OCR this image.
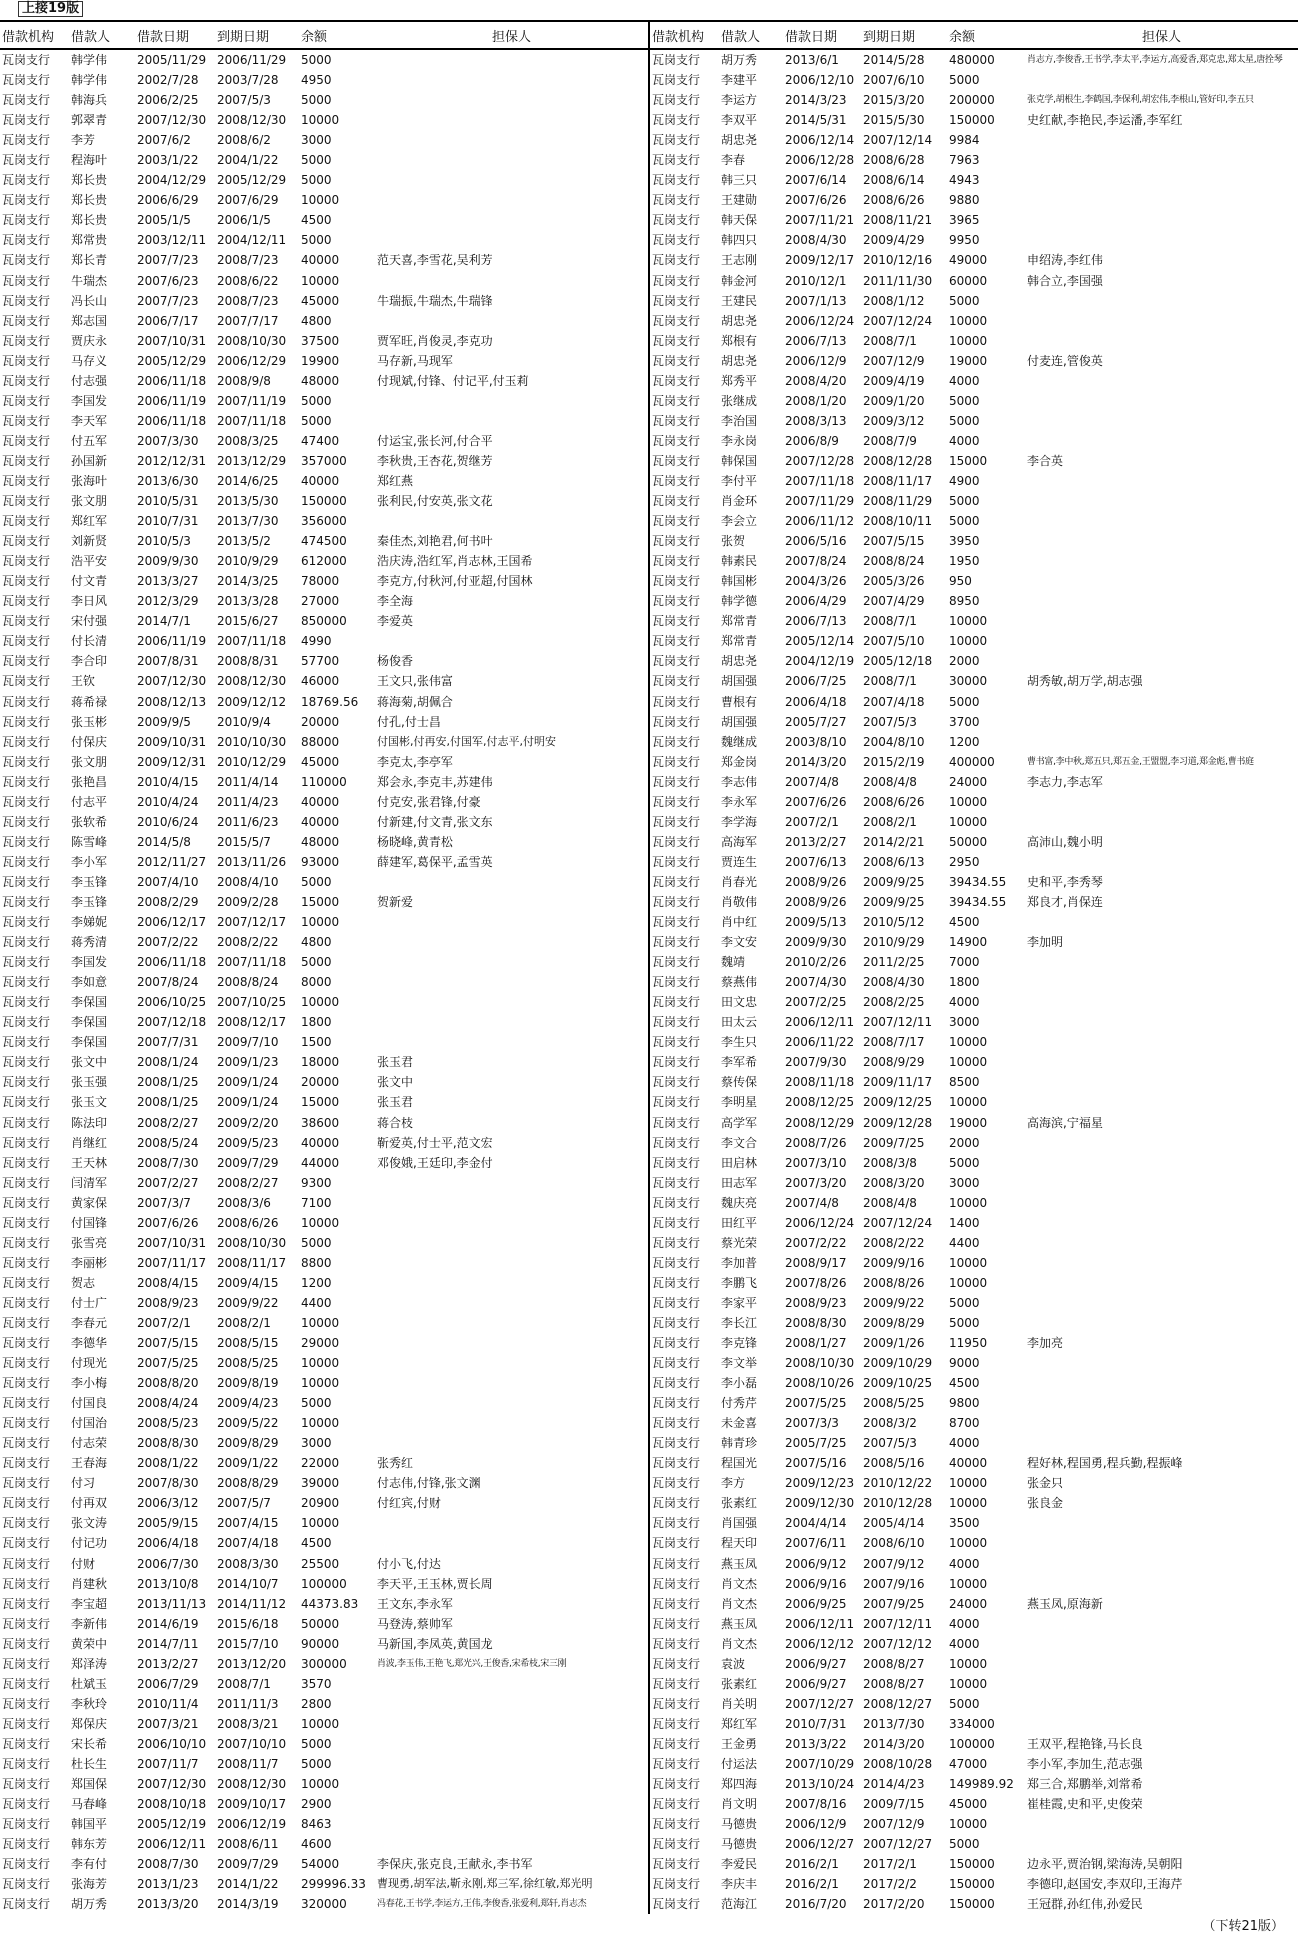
上接19版
借款机构	借款人	借款日期	到期日期	余额	担保人
瓦岗支行	韩学伟	2005/11/29	2006/11/29	5000	
瓦岗支行	韩学伟	2002/7/28	2003/7/28	4950	
瓦岗支行	韩海兵	2006/2/25	2007/5/3	5000	
瓦岗支行	郭翠青	2007/12/30	2008/12/30	10000	
瓦岗支行	李芳	2007/6/2	2008/6/2	3000	
瓦岗支行	程海叶	2003/1/22	2004/1/22	5000	
瓦岗支行	郑长贵	2004/12/29	2005/12/29	5000	
瓦岗支行	郑长贵	2006/6/29	2007/6/29	10000	
瓦岗支行	郑长贵	2005/1/5	2006/1/5	4500	
瓦岗支行	郑常贵	2003/12/11	2004/12/11	5000	
瓦岗支行	郑长青	2007/7/23	2008/7/23	40000	范天喜,李雪花,吴利芳
瓦岗支行	牛瑞杰	2007/6/23	2008/6/22	10000	
瓦岗支行	冯长山	2007/7/23	2008/7/23	45000	牛瑞振,牛瑞杰,牛瑞锋
瓦岗支行	郑志国	2006/7/17	2007/7/17	4800	
瓦岗支行	贾庆永	2007/10/31	2008/10/30	37500	贾军旺,肖俊灵,李克功
瓦岗支行	马存义	2005/12/29	2006/12/29	19900	马存新,马现军
瓦岗支行	付志强	2006/11/18	2008/9/8	48000	付现斌,付锋、付记平,付玉莉
瓦岗支行	李国发	2006/11/19	2007/11/19	5000	
瓦岗支行	李天军	2006/11/18	2007/11/18	5000	
瓦岗支行	付五军	2007/3/30	2008/3/25	47400	付运宝,张长河,付合平
瓦岗支行	孙国新	2012/12/31	2013/12/29	357000	李秋贵,王杏花,贺继芳
瓦岗支行	张海叶	2013/6/30	2014/6/25	40000	郑红燕
瓦岗支行	张文朋	2010/5/31	2013/5/30	150000	张利民,付安英,张文花
瓦岗支行	郑红军	2010/7/31	2013/7/30	356000	
瓦岗支行	刘新贤	2010/5/3	2013/5/2	474500	秦佳杰,刘艳君,何书叶
瓦岗支行	浩平安	2009/9/30	2010/9/29	612000	浩庆涛,浩红军,肖志林,王国希
瓦岗支行	付文青	2013/3/27	2014/3/25	78000	李克方,付秋河,付亚超,付国林
瓦岗支行	李日风	2012/3/29	2013/3/28	27000	李全海
瓦岗支行	宋付强	2014/7/1	2015/6/27	850000	李爱英
瓦岗支行	付长清	2006/11/19	2007/11/18	4990	
瓦岗支行	李合印	2007/8/31	2008/8/31	57700	杨俊香
瓦岗支行	王钦	2007/12/30	2008/12/30	46000	王文只,张伟富
瓦岗支行	蒋希禄	2008/12/13	2009/12/12	18769.56	蒋海菊,胡佩合
瓦岗支行	张玉彬	2009/9/5	2010/9/4	20000	付孔,付士昌
瓦岗支行	付保庆	2009/10/31	2010/10/30	88000	付国彬,付再安,付国军,付志平,付明安
瓦岗支行	张文朋	2009/12/31	2010/12/29	45000	李克太,李亭军
瓦岗支行	张艳昌	2010/4/15	2011/4/14	110000	郑会永,李克丰,苏建伟
瓦岗支行	付志平	2010/4/24	2011/4/23	40000	付克安,张君锋,付豪
瓦岗支行	张软希	2010/6/24	2011/6/23	40000	付新建,付文青,张文东
瓦岗支行	陈雪峰	2014/5/8	2015/5/7	48000	杨晓峰,黄青松
瓦岗支行	李小军	2012/11/27	2013/11/26	93000	薛建军,葛保平,孟雪英
瓦岗支行	李玉锋	2007/4/10	2008/4/10	5000	
瓦岗支行	李玉锋	2008/2/29	2009/2/28	15000	贺新爱
瓦岗支行	李娣妮	2006/12/17	2007/12/17	10000	
瓦岗支行	蒋秀清	2007/2/22	2008/2/22	4800	
瓦岗支行	李国发	2006/11/18	2007/11/18	5000	
瓦岗支行	李如意	2007/8/24	2008/8/24	8000	
瓦岗支行	李保国	2006/10/25	2007/10/25	10000	
瓦岗支行	李保国	2007/12/18	2008/12/17	1800	
瓦岗支行	李保国	2007/7/31	2009/7/10	1500	
瓦岗支行	张文中	2008/1/24	2009/1/23	18000	张玉君
瓦岗支行	张玉强	2008/1/25	2009/1/24	20000	张文中
瓦岗支行	张玉文	2008/1/25	2009/1/24	15000	张玉君
瓦岗支行	陈法印	2008/2/27	2009/2/20	38600	蒋合枝
瓦岗支行	肖继红	2008/5/24	2009/5/23	40000	靳爱英,付士平,范文宏
瓦岗支行	王天林	2008/7/30	2009/7/29	44000	邓俊娥,王廷印,李金付
瓦岗支行	闫清军	2007/2/27	2008/2/27	9300	
瓦岗支行	黄家保	2007/3/7	2008/3/6	7100	
瓦岗支行	付国锋	2007/6/26	2008/6/26	10000	
瓦岗支行	张雪亮	2007/10/31	2008/10/30	5000	
瓦岗支行	李丽彬	2007/11/17	2008/11/17	8800	
瓦岗支行	贺志	2008/4/15	2009/4/15	1200	
瓦岗支行	付士广	2008/9/23	2009/9/22	4400	
瓦岗支行	李春元	2007/2/1	2008/2/1	10000	
瓦岗支行	李德华	2007/5/15	2008/5/15	29000	
瓦岗支行	付现光	2007/5/25	2008/5/25	10000	
瓦岗支行	李小梅	2008/8/20	2009/8/19	10000	
瓦岗支行	付国良	2008/4/24	2009/4/23	5000	
瓦岗支行	付国治	2008/5/23	2009/5/22	10000	
瓦岗支行	付志荣	2008/8/30	2009/8/29	3000	
瓦岗支行	王春海	2008/1/22	2009/1/22	22000	张秀红
瓦岗支行	付习	2007/8/30	2008/8/29	39000	付志伟,付锋,张文渊
瓦岗支行	付再双	2006/3/12	2007/5/7	20900	付红宾,付财
瓦岗支行	张文涛	2005/9/15	2007/4/15	10000	
瓦岗支行	付记功	2006/4/18	2007/4/18	4500	
瓦岗支行	付财	2006/7/30	2008/3/30	25500	付小飞,付达
瓦岗支行	肖建秋	2013/10/8	2014/10/7	100000	李天平,王玉林,贾长周
瓦岗支行	李宝超	2013/11/13	2014/11/12	44373.83	王文东,李永军
瓦岗支行	李新伟	2014/6/19	2015/6/18	50000	马登涛,蔡帅军
瓦岗支行	黄荣中	2014/7/11	2015/7/10	90000	马新国,李凤英,黄国龙
瓦岗支行	郑泽涛	2013/2/27	2013/12/20	300000	肖波,李玉伟,王艳飞,郑光兴,王俊香,宋希枝,宋三刚
瓦岗支行	杜斌玉	2006/7/29	2008/7/1	3570	
瓦岗支行	李秋玲	2010/11/4	2011/11/3	2800	
瓦岗支行	郑保庆	2007/3/21	2008/3/21	10000	
瓦岗支行	宋长希	2006/10/10	2007/10/10	5000	
瓦岗支行	杜长生	2007/11/7	2008/11/7	5000	
瓦岗支行	郑国保	2007/12/30	2008/12/30	10000	
瓦岗支行	马春峰	2008/10/18	2009/10/17	2900	
瓦岗支行	韩国平	2005/12/19	2006/12/19	8463	
瓦岗支行	韩东芳	2006/12/11	2008/6/11	4600	
瓦岗支行	李有付	2008/7/30	2009/7/29	54000	李保庆,张克良,王献永,李书军
瓦岗支行	张海芳	2013/1/23	2014/1/22	299996.33	曹现勇,胡军法,靳永刚,郑三军,徐红敏,郑光明
瓦岗支行	胡万秀	2013/3/20	2014/3/19	320000	冯春花,王书学,李运方,王伟,李俊香,张爱利,郑轩,肖志杰
借款机构	借款人	借款日期	到期日期	余额	担保人
瓦岗支行	胡万秀	2013/6/1	2014/5/28	480000	肖志方,李俊香,王书学,李太平,李运方,高爱香,郑克忠,郑太星,唐拴琴
瓦岗支行	李建平	2006/12/10	2007/6/10	5000	
瓦岗支行	李运方	2014/3/23	2015/3/20	200000	张克学,胡根生,李鹤国,李保利,胡宏伟,李根山,管好印,李五只
瓦岗支行	李双平	2014/5/31	2015/5/30	150000	史红献,李艳民,李运潘,李军红
瓦岗支行	胡忠尧	2006/12/14	2007/12/14	9984	
瓦岗支行	李春	2006/12/28	2008/6/28	7963	
瓦岗支行	韩三只	2007/6/14	2008/6/14	4943	
瓦岗支行	王建勋	2007/6/26	2008/6/26	9880	
瓦岗支行	韩天保	2007/11/21	2008/11/21	3965	
瓦岗支行	韩四只	2008/4/30	2009/4/29	9950	
瓦岗支行	王志刚	2009/12/17	2010/12/16	49000	申绍涛,李红伟
瓦岗支行	韩金河	2010/12/1	2011/11/30	60000	韩合立,李国强
瓦岗支行	王建民	2007/1/13	2008/1/12	5000	
瓦岗支行	胡忠尧	2006/12/24	2007/12/24	10000	
瓦岗支行	郑根有	2006/7/13	2008/7/1	10000	
瓦岗支行	胡忠尧	2006/12/9	2007/12/9	19000	付麦连,管俊英
瓦岗支行	郑秀平	2008/4/20	2009/4/19	4000	
瓦岗支行	张继成	2008/1/20	2009/1/20	5000	
瓦岗支行	李治国	2008/3/13	2009/3/12	5000	
瓦岗支行	李永岗	2006/8/9	2008/7/9	4000	
瓦岗支行	韩保国	2007/12/28	2008/12/28	15000	李合英
瓦岗支行	李付平	2007/11/18	2008/11/17	4900	
瓦岗支行	肖金环	2007/11/29	2008/11/29	5000	
瓦岗支行	李会立	2006/11/12	2008/10/11	5000	
瓦岗支行	张贺	2006/5/16	2007/5/15	3950	
瓦岗支行	韩素民	2007/8/24	2008/8/24	1950	
瓦岗支行	韩国彬	2004/3/26	2005/3/26	950	
瓦岗支行	韩学德	2006/4/29	2007/4/29	8950	
瓦岗支行	郑常青	2006/7/13	2008/7/1	10000	
瓦岗支行	郑常青	2005/12/14	2007/5/10	10000	
瓦岗支行	胡忠尧	2004/12/19	2005/12/18	2000	
瓦岗支行	胡国强	2006/7/25	2008/7/1	30000	胡秀敏,胡万学,胡志强
瓦岗支行	曹根有	2006/4/18	2007/4/18	5000	
瓦岗支行	胡国强	2005/7/27	2007/5/3	3700	
瓦岗支行	魏继成	2003/8/10	2004/8/10	1200	
瓦岗支行	郑金岗	2014/3/20	2015/2/19	400000	曹书富,李中秋,郑五只,郑五金,王盟盟,李习道,郑金彪,曹书庭
瓦岗支行	李志伟	2007/4/8	2008/4/8	24000	李志力,李志军
瓦岗支行	李永军	2007/6/26	2008/6/26	10000	
瓦岗支行	李学海	2007/2/1	2008/2/1	10000	
瓦岗支行	高海军	2013/2/27	2014/2/21	50000	高沛山,魏小明
瓦岗支行	贾连生	2007/6/13	2008/6/13	2950	
瓦岗支行	肖春光	2008/9/26	2009/9/25	39434.55	史和平,李秀琴
瓦岗支行	肖敬伟	2008/9/26	2009/9/25	39434.55	郑良才,肖保连
瓦岗支行	肖中红	2009/5/13	2010/5/12	4500	
瓦岗支行	李文安	2009/9/30	2010/9/29	14900	李加明
瓦岗支行	魏靖	2010/2/26	2011/2/25	7000	
瓦岗支行	蔡燕伟	2007/4/30	2008/4/30	1800	
瓦岗支行	田文忠	2007/2/25	2008/2/25	4000	
瓦岗支行	田太云	2006/12/11	2007/12/11	3000	
瓦岗支行	李生只	2006/11/22	2008/7/17	10000	
瓦岗支行	李军希	2007/9/30	2008/9/29	10000	
瓦岗支行	蔡传保	2008/11/18	2009/11/17	8500	
瓦岗支行	李明星	2008/12/25	2009/12/25	10000	
瓦岗支行	高学军	2008/12/29	2009/12/28	19000	高海滨,宁福星
瓦岗支行	李文合	2008/7/26	2009/7/25	2000	
瓦岗支行	田启林	2007/3/10	2008/3/8	5000	
瓦岗支行	田志军	2007/3/20	2008/3/20	3000	
瓦岗支行	魏庆亮	2007/4/8	2008/4/8	10000	
瓦岗支行	田红平	2006/12/24	2007/12/24	1400	
瓦岗支行	蔡光荣	2007/2/22	2008/2/22	4400	
瓦岗支行	李加普	2008/9/17	2009/9/16	10000	
瓦岗支行	李鹏飞	2007/8/26	2008/8/26	10000	
瓦岗支行	李家平	2008/9/23	2009/9/22	5000	
瓦岗支行	李长江	2008/8/30	2009/8/29	5000	
瓦岗支行	李克锋	2008/1/27	2009/1/26	11950	李加亮
瓦岗支行	李文举	2008/10/30	2009/10/29	9000	
瓦岗支行	李小磊	2008/10/26	2009/10/25	4500	
瓦岗支行	付秀芹	2007/5/25	2008/5/25	9800	
瓦岗支行	未金喜	2007/3/3	2008/3/2	8700	
瓦岗支行	韩青珍	2005/7/25	2007/5/3	4000	
瓦岗支行	程国光	2007/5/16	2008/5/16	40000	程好林,程国勇,程兵勤,程振峰
瓦岗支行	李方	2009/12/23	2010/12/22	10000	张金只
瓦岗支行	张素红	2009/12/30	2010/12/28	10000	张良金
瓦岗支行	肖国强	2004/4/14	2005/4/14	3500	
瓦岗支行	程天印	2007/6/11	2008/6/10	10000	
瓦岗支行	燕玉凤	2006/9/12	2007/9/12	4000	
瓦岗支行	肖文杰	2006/9/16	2007/9/16	10000	
瓦岗支行	肖文杰	2006/9/25	2007/9/25	24000	燕玉凤,原海新
瓦岗支行	燕玉凤	2006/12/11	2007/12/11	4000	
瓦岗支行	肖文杰	2006/12/12	2007/12/12	4000	
瓦岗支行	袁波	2006/9/27	2008/8/27	10000	
瓦岗支行	张素红	2006/9/27	2008/8/27	10000	
瓦岗支行	肖关明	2007/12/27	2008/12/27	5000	
瓦岗支行	郑红军	2010/7/31	2013/7/30	334000	
瓦岗支行	王金勇	2013/3/22	2014/3/20	100000	王双平,程艳锋,马长良
瓦岗支行	付运法	2007/10/29	2008/10/28	47000	李小军,李加生,范志强
瓦岗支行	郑四海	2013/10/24	2014/4/23	149989.92	郑三合,郑鹏举,刘常希
瓦岗支行	肖文明	2007/8/16	2009/7/15	45000	崔桂霞,史和平,史俊荣
瓦岗支行	马德贵	2006/12/9	2007/12/9	10000	
瓦岗支行	马德贵	2006/12/27	2007/12/27	5000	
瓦岗支行	李爱民	2016/2/1	2017/2/1	150000	边永平,贾治钢,梁海涛,吴朝阳
瓦岗支行	李庆丰	2016/2/1	2017/2/2	150000	李德印,赵国安,李双印,王海芹
瓦岗支行	范海江	2016/7/20	2017/2/20	150000	王冠群,孙红伟,孙爱民
（下转21版）
